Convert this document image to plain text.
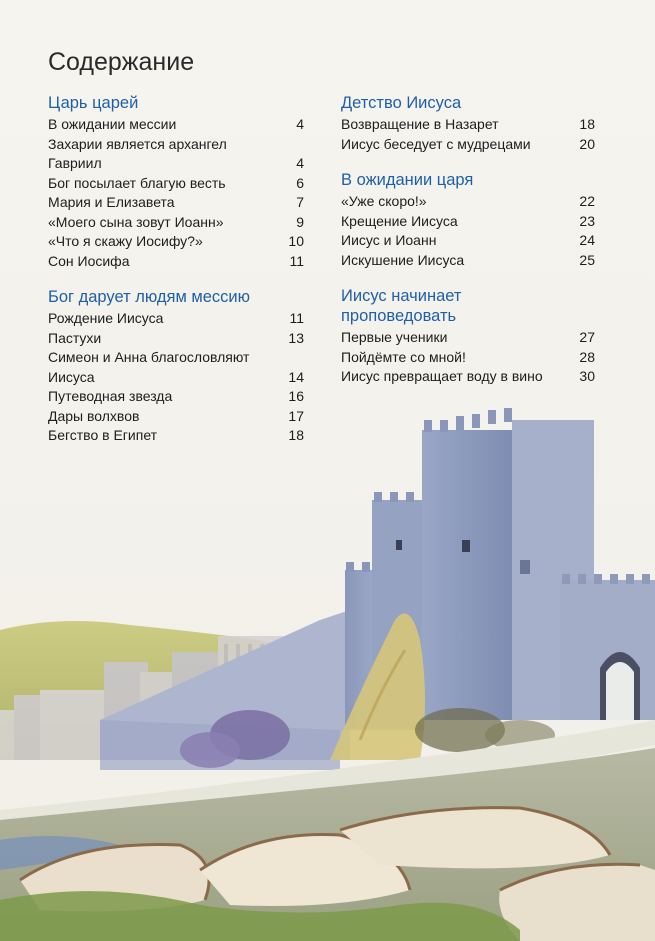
Содержание
Царь царей
В ожидании мессии	4
Захарии является архангел
Гавриил	4
Бог посылает благую весть	6
Мария и Елизавета	7
«Моего сына зовут Иоанн»	9
«Что я скажу Иосифу?»	10
Сон Иосифа	11
Бог дарует людям мессию
Рождение Иисуса	11
Пастухи	13
Симеон и Анна благословляют
Иисуса	14
Путеводная звезда	16
Дары волхвов	17
Бегство в Египет	18
Детство Иисуса
Возвращение в Назарет	18
Иисус беседует с мудрецами	20
В ожидании царя
«Уже скоро!»	22
Крещение Иисуса	23
Иисус и Иоанн	24
Искушение Иисуса	25
Иисус начинает
проповедовать
Первые ученики	27
Пойдёмте со мной!	28
Иисус превращает воду в вино	30
